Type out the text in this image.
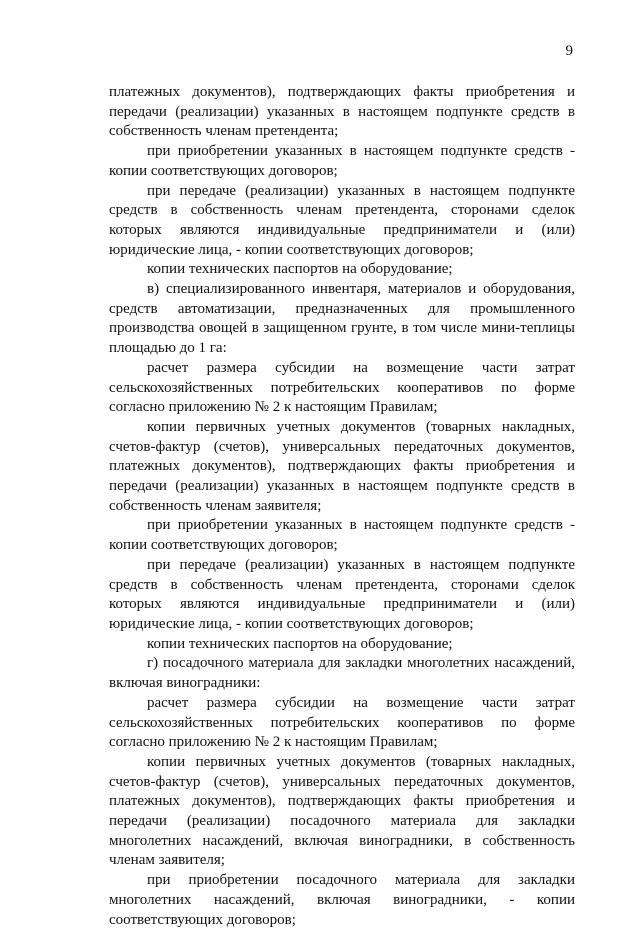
9

платежных документов), подтверждающих факты приобретения и передачи (реализации) указанных в настоящем подпункте средств в собственность членам претендента;

при приобретении указанных в настоящем подпункте средств - копии соответствующих договоров;

при передаче (реализации) указанных в настоящем подпункте средств в собственность членам претендента, сторонами сделок которых являются индивидуальные предприниматели и (или) юридические лица, - копии соответствующих договоров;

копии технических паспортов на оборудование;

в) специализированного инвентаря, материалов и оборудования, средств автоматизации, предназначенных для промышленного производства овощей в защищенном грунте, в том числе мини-теплицы площадью до 1 га:

расчет размера субсидии на возмещение части затрат сельскохозяйственных потребительских кооперативов по форме согласно приложению № 2 к настоящим Правилам;

копии первичных учетных документов (товарных накладных, счетов-фактур (счетов), универсальных передаточных документов, платежных документов), подтверждающих факты приобретения и передачи (реализации) указанных в настоящем подпункте средств в собственность членам заявителя;

при приобретении указанных в настоящем подпункте средств - копии соответствующих договоров;

при передаче (реализации) указанных в настоящем подпункте средств в собственность членам претендента, сторонами сделок которых являются индивидуальные предприниматели и (или) юридические лица, - копии соответствующих договоров;

копии технических паспортов на оборудование;

г) посадочного материала для закладки многолетних насаждений, включая виноградники:

расчет размера субсидии на возмещение части затрат сельскохозяйственных потребительских кооперативов по форме согласно приложению № 2 к настоящим Правилам;

копии первичных учетных документов (товарных накладных, счетов-фактур (счетов), универсальных передаточных документов, платежных документов), подтверждающих факты приобретения и передачи (реализации) посадочного материала для закладки многолетних насаждений, включая виноградники, в собственность членам заявителя;

при приобретении посадочного материала для закладки многолетних насаждений, включая виноградники, - копии соответствующих договоров;
